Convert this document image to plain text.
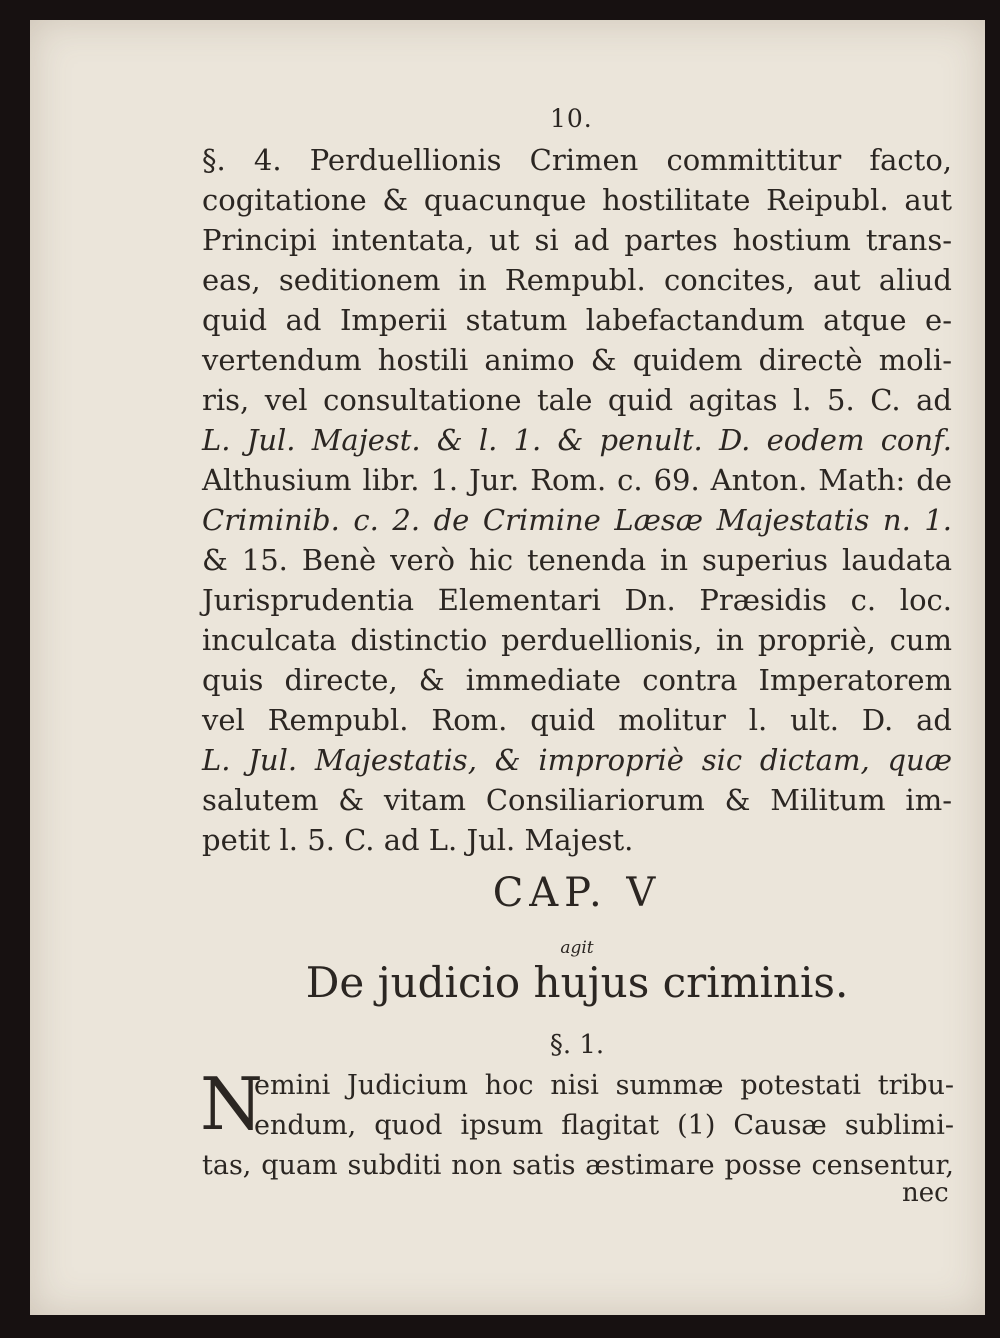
10.
§. 4. Perduellionis Crimen committitur facto,
cogitatione & quacunque hostilitate Reipubl. aut
Principi intentata, ut si ad partes hostium trans-
eas, seditionem in Rempubl. concites, aut aliud
quid ad Imperii statum labefactandum atque e-
vertendum hostili animo & quidem directè moli-
ris, vel consultatione tale quid agitas l. 5. C. ad
L. Jul. Majest. & l. 1. & penult. D. eodem conf.
Althusium libr. 1. Jur. Rom. c. 69. Anton. Math: de
Criminib. c. 2. de Crimine Læsæ Majestatis n. 1.
& 15. Benè verò hic tenenda in superius laudata
Jurisprudentia Elementari Dn. Præsidis c. loc.
inculcata distinctio perduellionis, in propriè, cum
quis directe, & immediate contra Imperatorem
vel Rempubl. Rom. quid molitur l. ult. D. ad
L. Jul. Majestatis, & impropriè sic dictam, quæ
salutem & vitam Consiliariorum & Militum im-
petit l. 5. C. ad L. Jul. Majest.
CAP. V
agit
De judicio hujus criminis.
§. 1.
N
emini Judicium hoc nisi summæ potestati tribu-
endum, quod ipsum flagitat (1) Causæ sublimi-
tas, quam subditi non satis æstimare posse censentur,
nec
